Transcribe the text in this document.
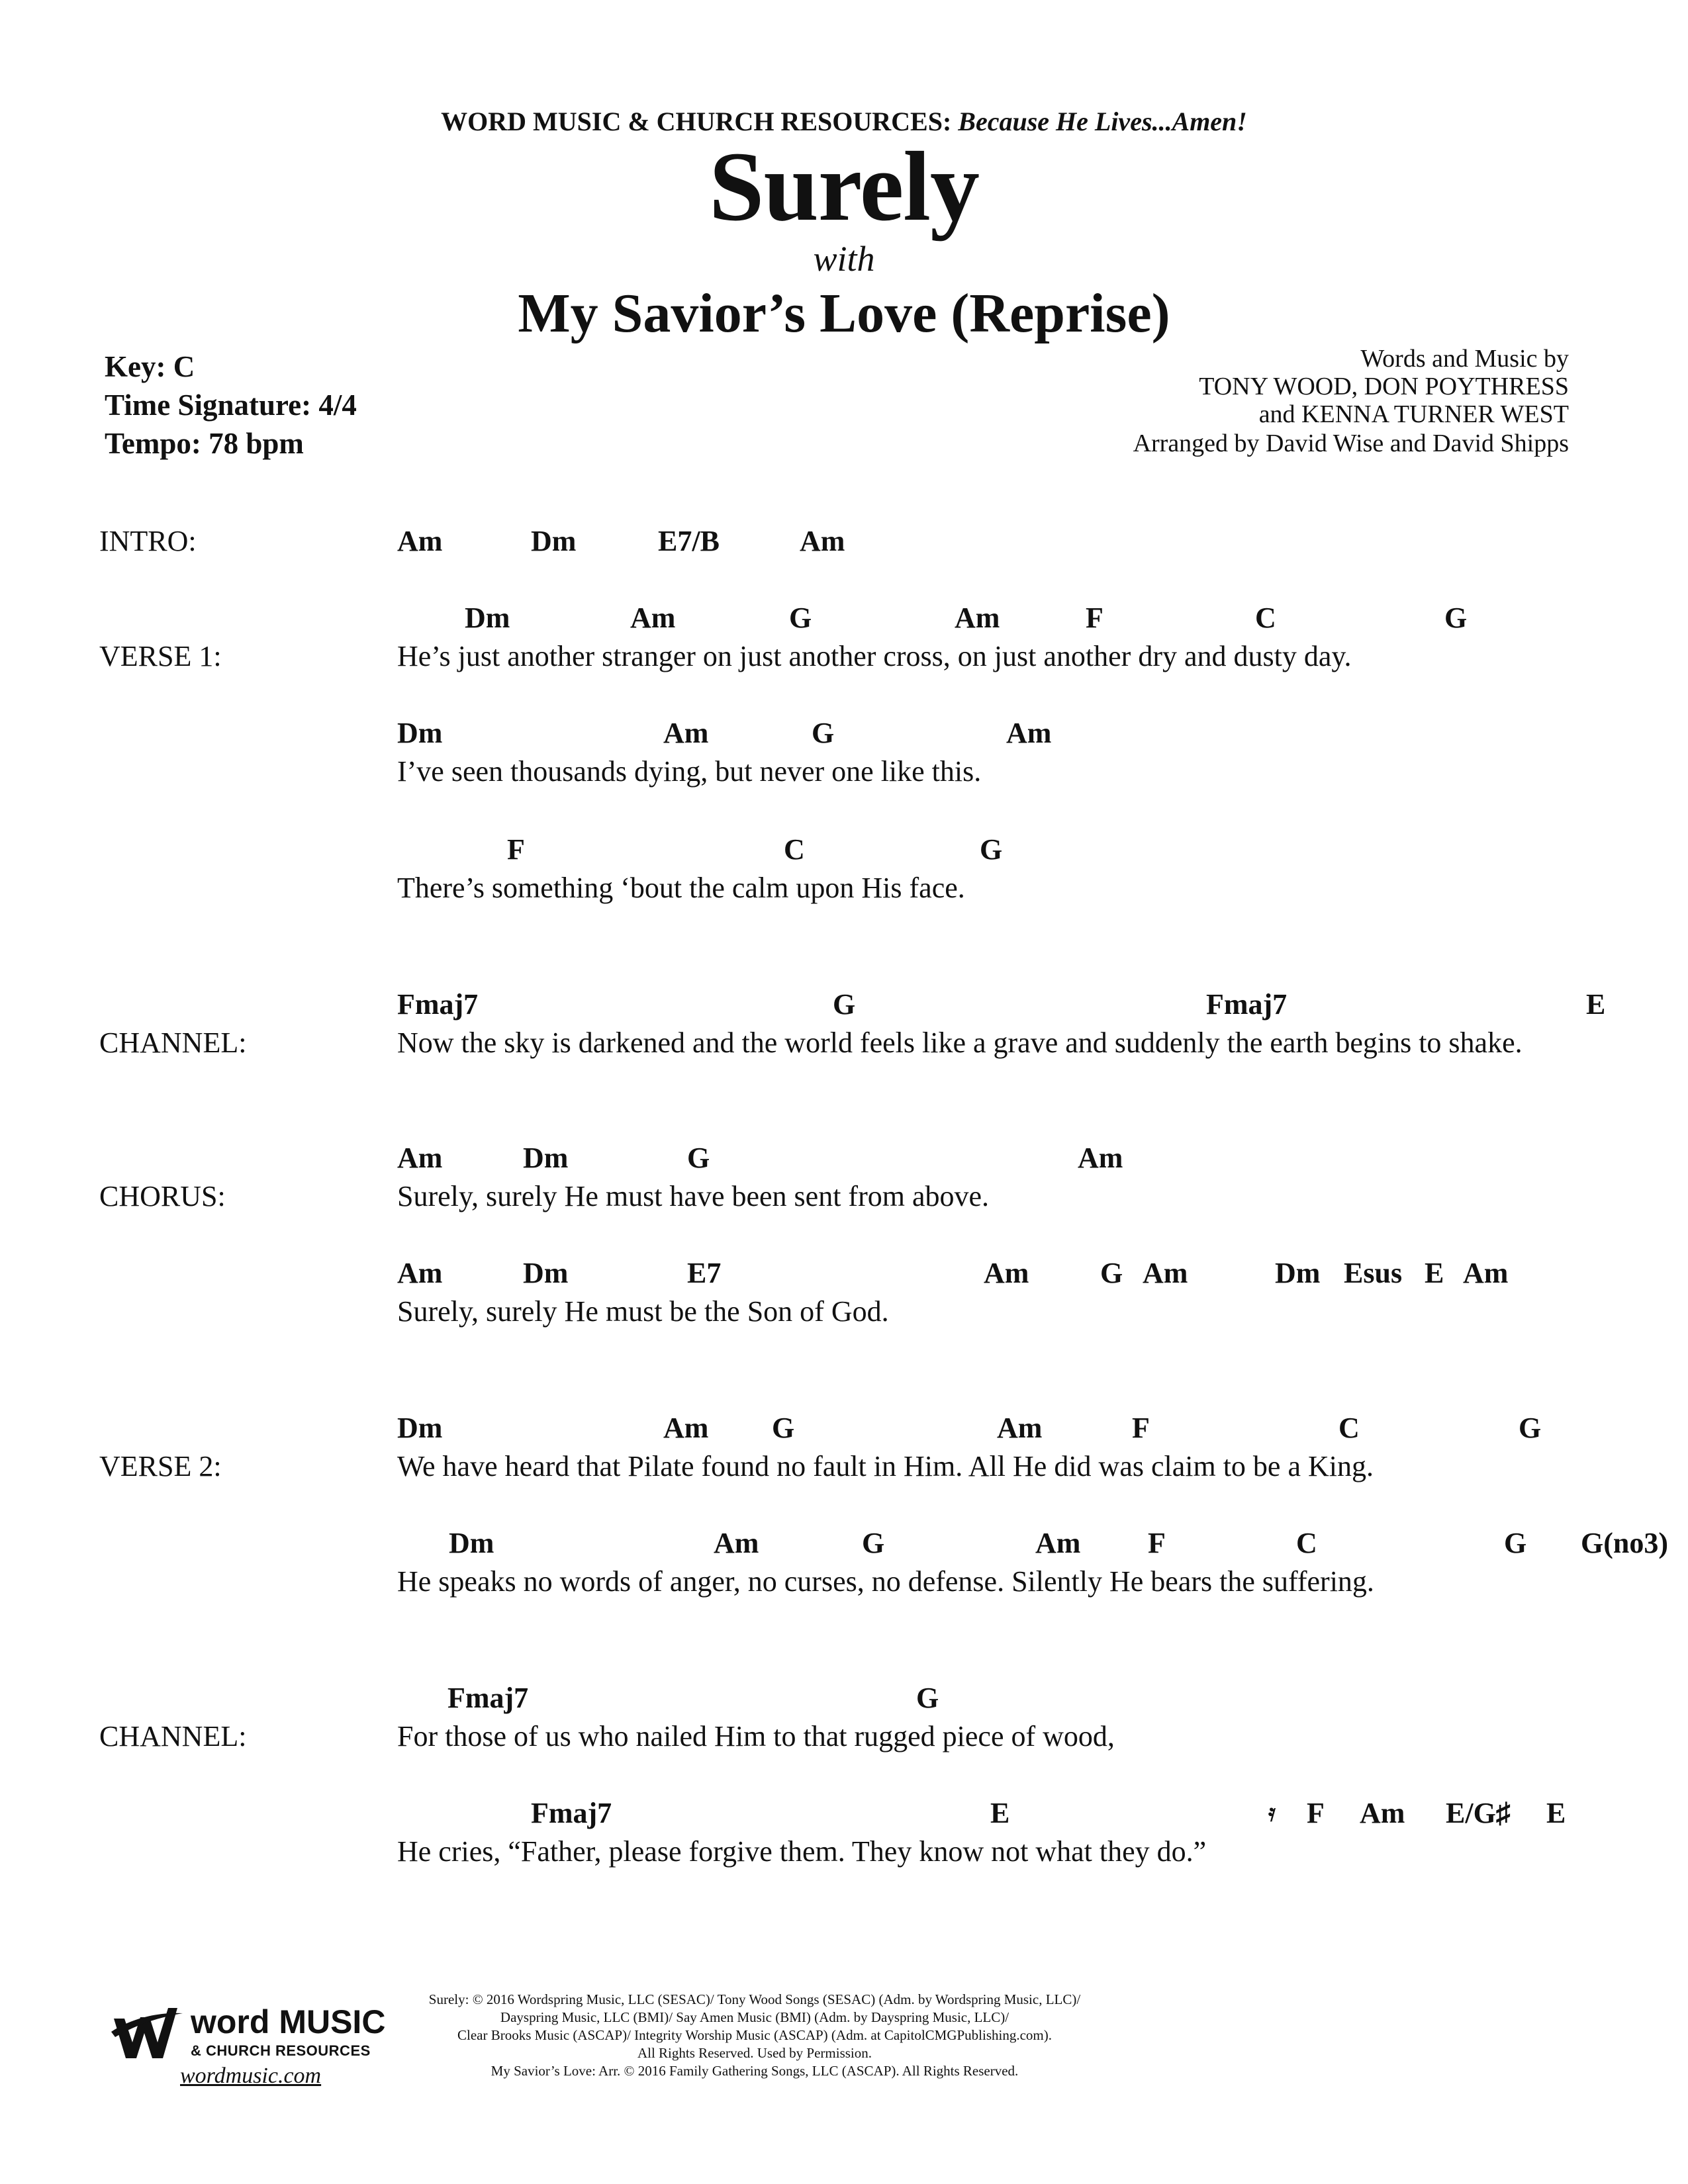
WORD MUSIC & CHURCH RESOURCES: Because He Lives...Amen!
Surely
with
My Savior’s Love (Reprise)
Key: C
Time Signature: 4/4
Tempo: 78 bpm
Words and Music by
TONY WOOD, DON POYTHRESS
and KENNA TURNER WEST
Arranged by David Wise and David Shipps
INTRO:	Am	Dm	E7/B	Am
VERSE 1:
Dm	Am	G	Am	F	C	G
He’s just another stranger on just another cross, on just another dry and dusty day.
Dm	Am	G	Am
I’ve seen thousands dying, but never one like this.
F	C	G
There’s something ‘bout the calm upon His face.
CHANNEL:
Fmaj7	G	Fmaj7	E
Now the sky is darkened and the world feels like a grave and suddenly the earth begins to shake.
CHORUS:
Am	Dm	G	Am
Surely, surely He must have been sent from above.
Am	Dm	E7	Am G Am	Dm Esus E Am
Surely, surely He must be the Son of God.
VERSE 2:
Dm	Am G	Am	F	C	G
We have heard that Pilate found no fault in Him. All He did was claim to be a King.
Dm	Am	G	Am F	C	G G(no3)
He speaks no words of anger, no curses, no defense. Silently He bears the suffering.
CHANNEL:
Fmaj7	G
For those of us who nailed Him to that rugged piece of wood,
Fmaj7	E	𝄿 F Am E/G♯ E
He cries, “Father, please forgive them. They know not what they do.”
word MUSIC
& CHURCH RESOURCES
wordmusic.com
Surely: © 2016 Wordspring Music, LLC (SESAC)/ Tony Wood Songs (SESAC) (Adm. by Wordspring Music, LLC)/
Dayspring Music, LLC (BMI)/ Say Amen Music (BMI) (Adm. by Dayspring Music, LLC)/
Clear Brooks Music (ASCAP)/ Integrity Worship Music (ASCAP) (Adm. at CapitolCMGPublishing.com).
All Rights Reserved. Used by Permission.
My Savior’s Love: Arr. © 2016 Family Gathering Songs, LLC (ASCAP). All Rights Reserved.
